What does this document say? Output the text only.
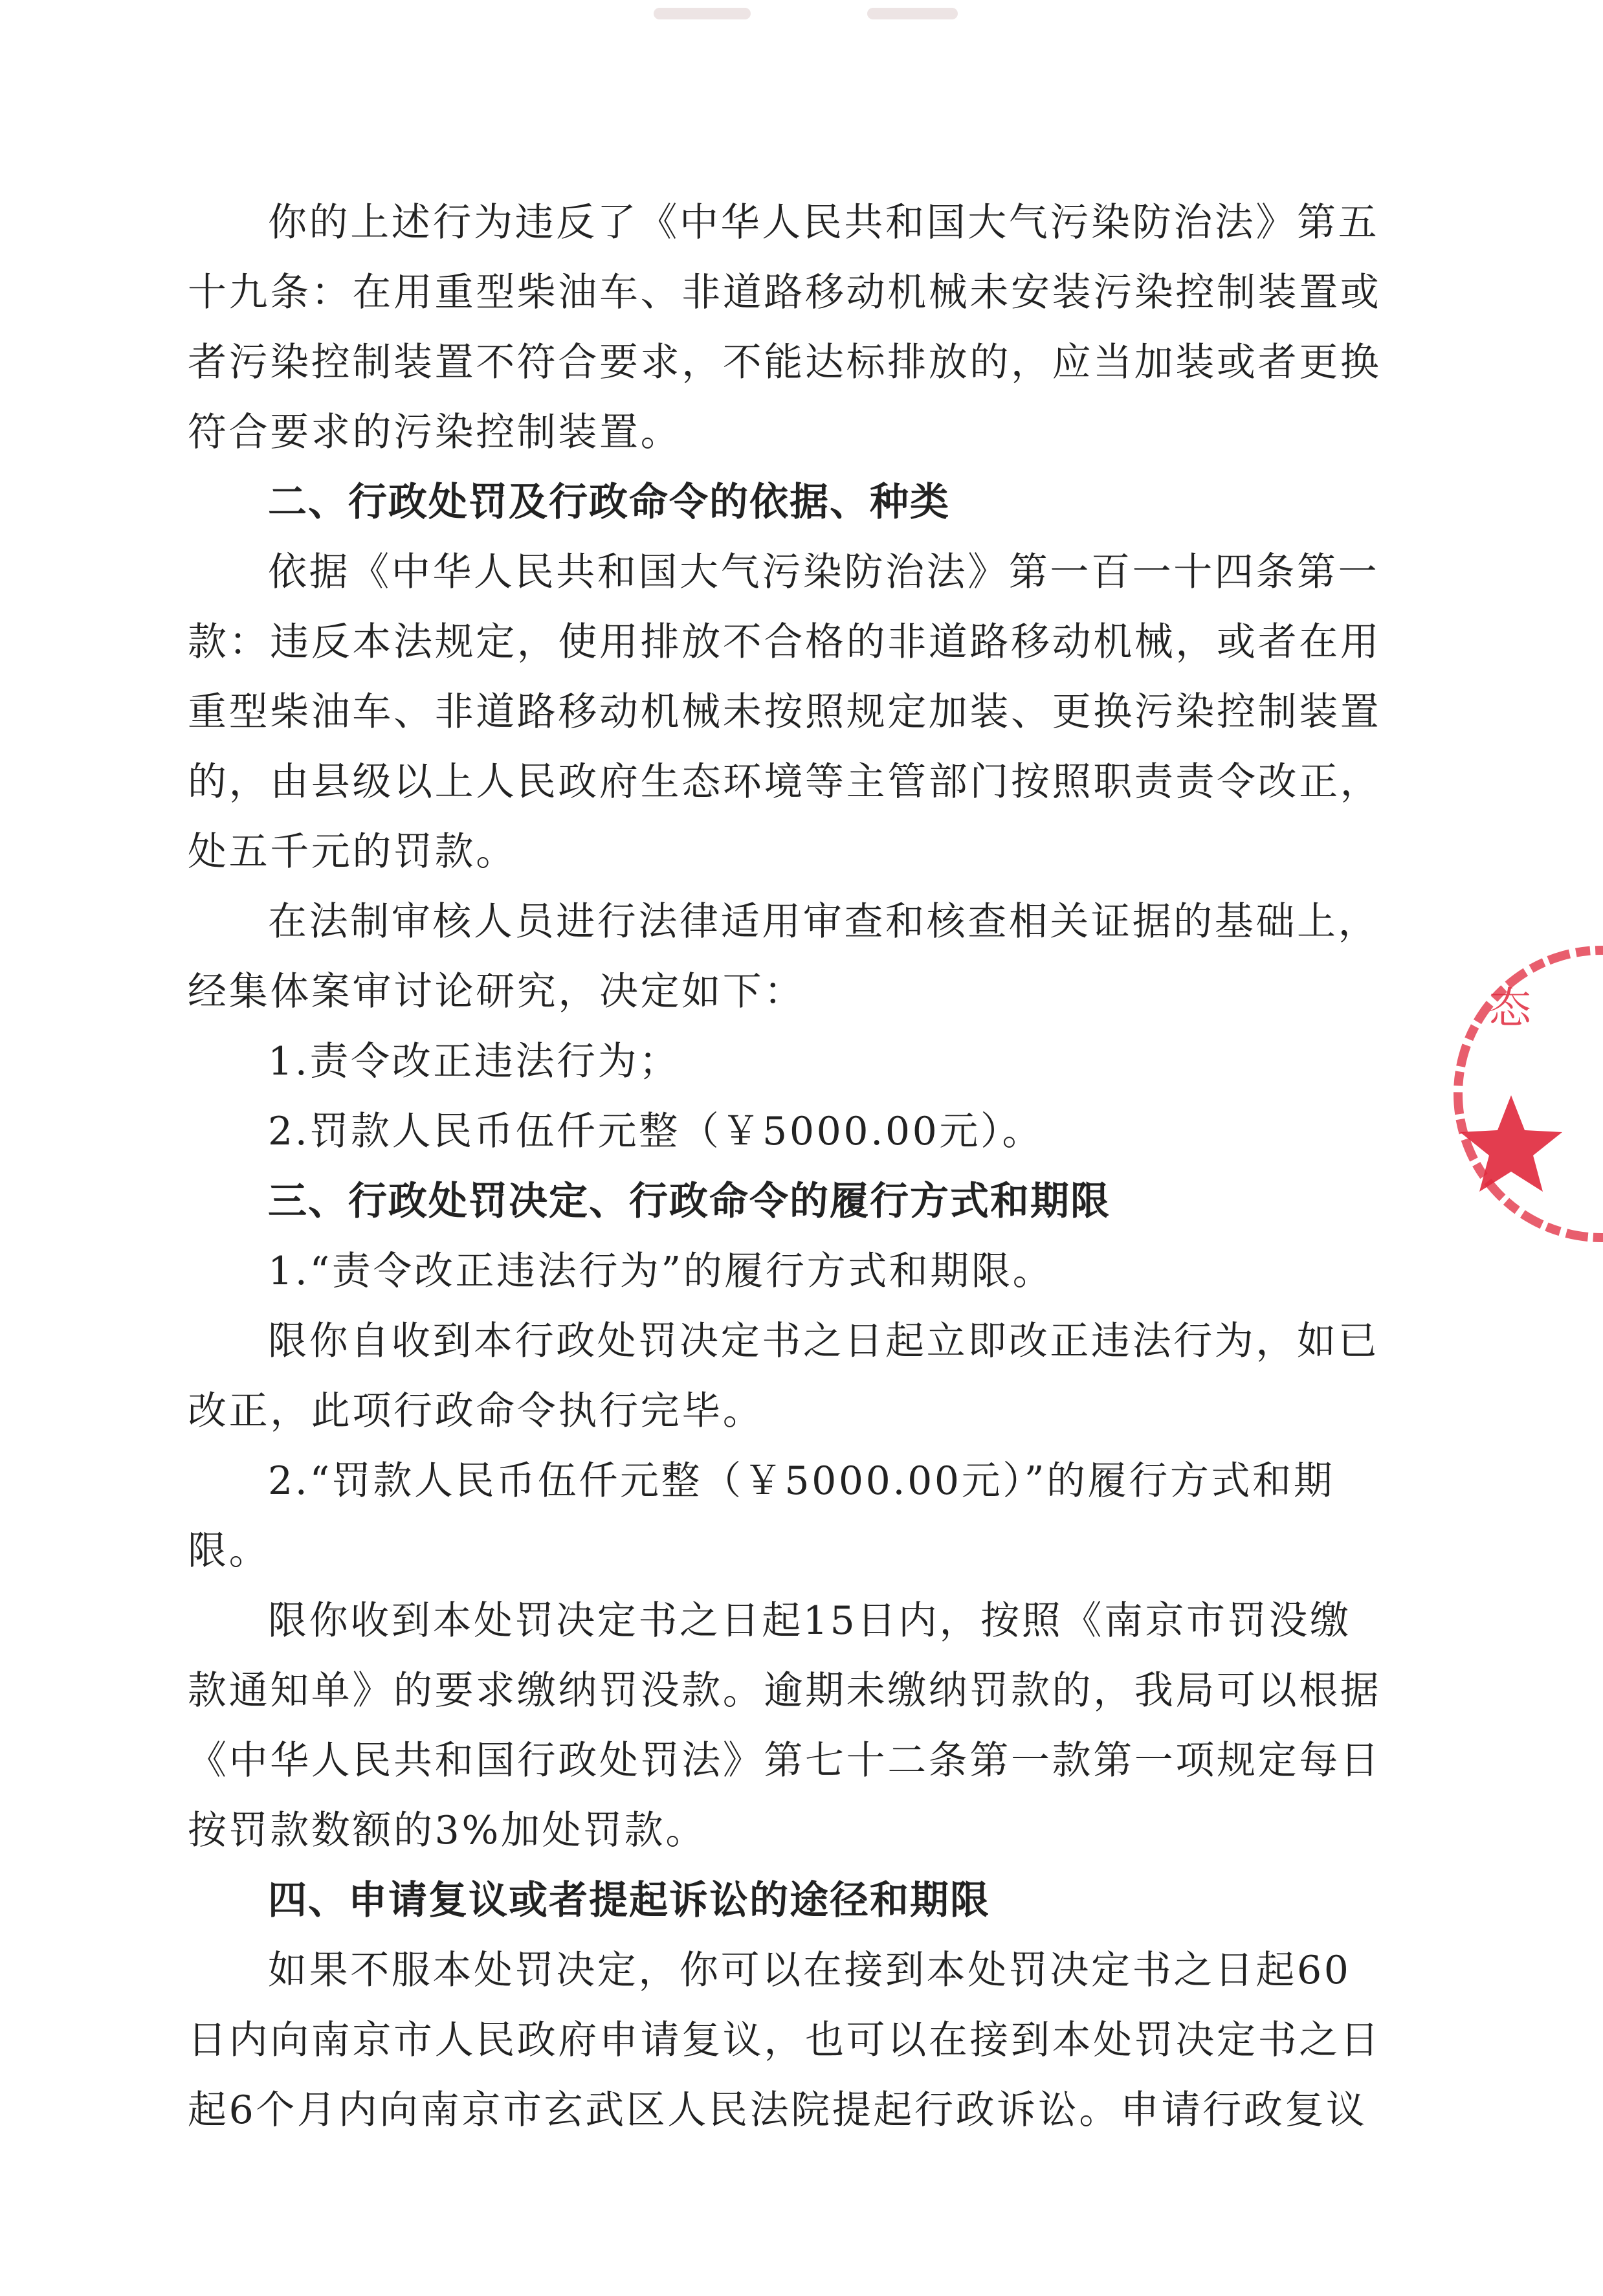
你的上述行为违反了《中华人民共和国大气污染防治法》第五

十九条：在用重型柴油车、非道路移动机械未安装污染控制装置或

者污染控制装置不符合要求，不能达标排放的，应当加装或者更换

符合要求的污染控制装置。

二、行政处罚及行政命令的依据、种类

依据《中华人民共和国大气污染防治法》第一百一十四条第一

款：违反本法规定，使用排放不合格的非道路移动机械，或者在用

重型柴油车、非道路移动机械未按照规定加装、更换污染控制装置

的，由县级以上人民政府生态环境等主管部门按照职责责令改正，

处五千元的罚款。

在法制审核人员进行法律适用审查和核查相关证据的基础上，

经集体案审讨论研究，决定如下：

1.责令改正违法行为；

2.罚款人民币伍仟元整（￥5000.00元）。

三、行政处罚决定、行政命令的履行方式和期限

1.“责令改正违法行为”的履行方式和期限。

限你自收到本行政处罚决定书之日起立即改正违法行为，如已

改正，此项行政命令执行完毕。

2.“罚款人民币伍仟元整（￥5000.00元）”的履行方式和期

限。

限你收到本处罚决定书之日起15日内，按照《南京市罚没缴

款通知单》的要求缴纳罚没款。逾期未缴纳罚款的，我局可以根据

《中华人民共和国行政处罚法》第七十二条第一款第一项规定每日

按罚款数额的3%加处罚款。

四、申请复议或者提起诉讼的途径和期限

如果不服本处罚决定，你可以在接到本处罚决定书之日起60

日内向南京市人民政府申请复议，也可以在接到本处罚决定书之日

起6个月内向南京市玄武区人民法院提起行政诉讼。申请行政复议

态
